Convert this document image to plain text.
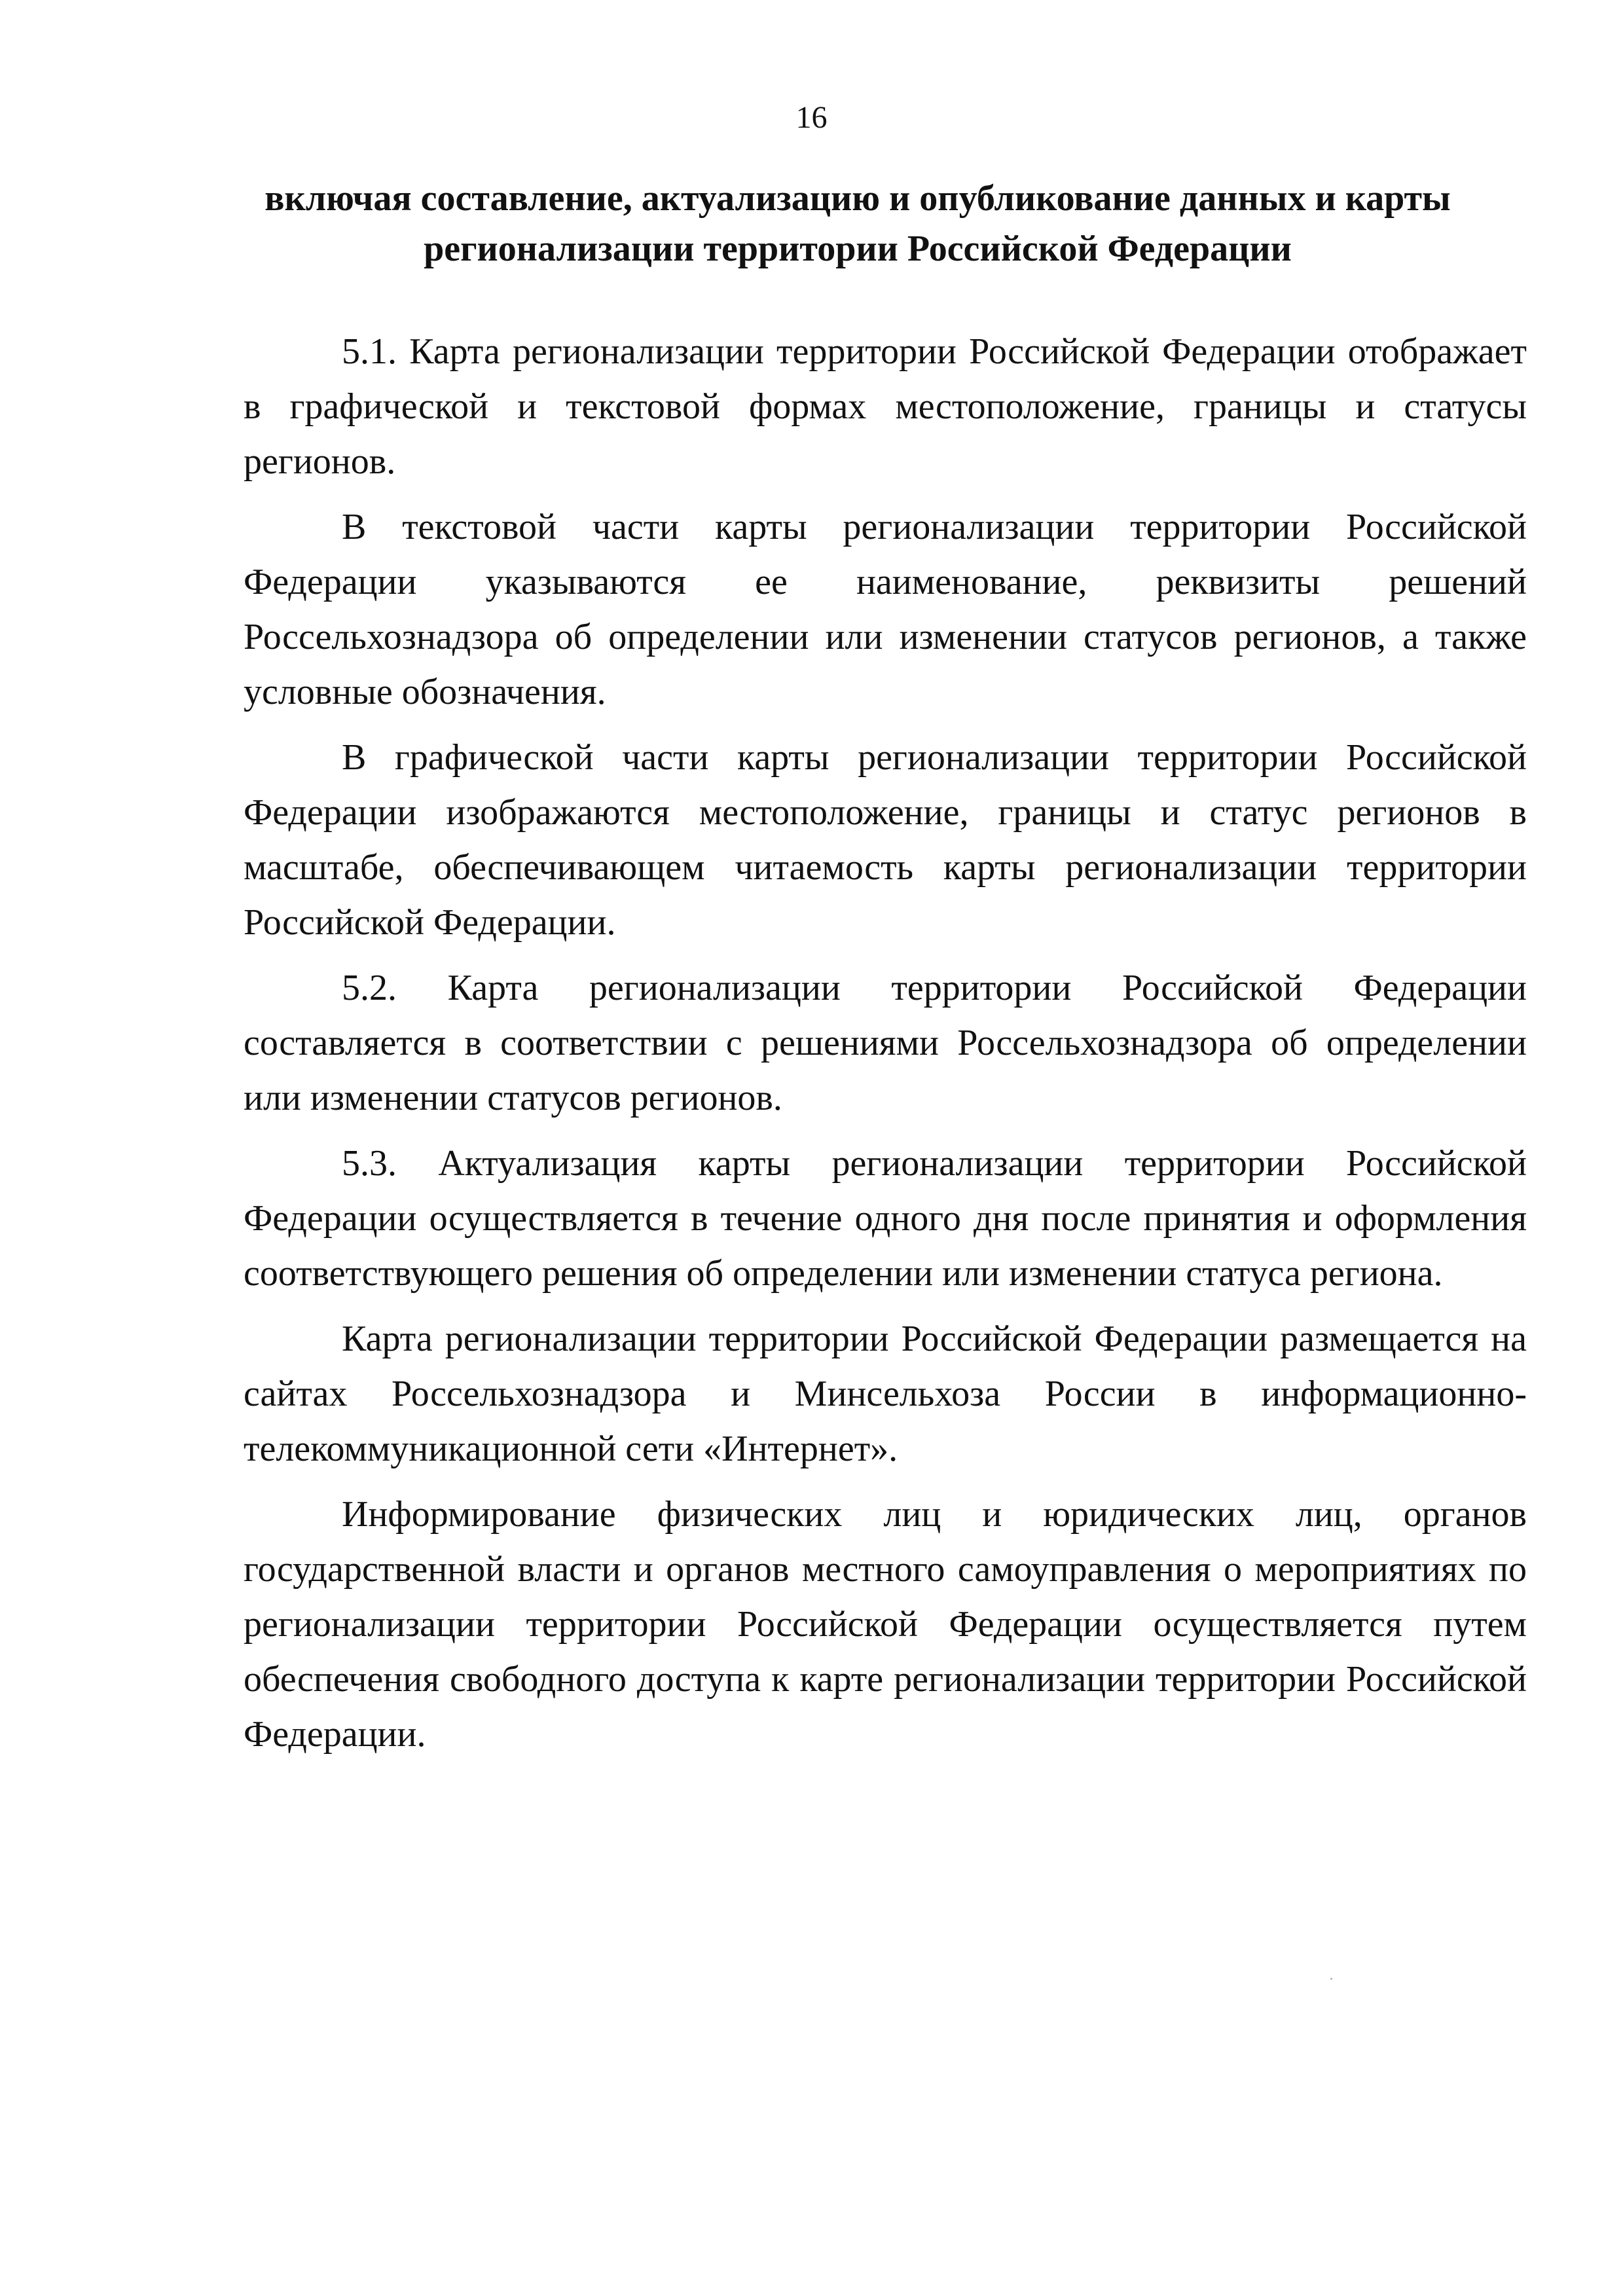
16
включая составление, актуализацию и опубликование данных и карты регионализации территории Российской Федерации

5.1. Карта регионализации территории Российской Федерации отображает в графической и текстовой формах местоположение, границы и статусы регионов.

В текстовой части карты регионализации территории Российской Федерации указываются ее наименование, реквизиты решений Россельхознадзора об определении или изменении статусов регионов, а также условные обозначения.

В графической части карты регионализации территории Российской Федерации изображаются местоположение, границы и статус регионов в масштабе, обеспечивающем читаемость карты регионализации территории Российской Федерации.

5.2. Карта регионализации территории Российской Федерации составляется в соответствии с решениями Россельхознадзора об определении или изменении статусов регионов.

5.3. Актуализация карты регионализации территории Российской Федерации осуществляется в течение одного дня после принятия и оформления соответствующего решения об определении или изменении статуса региона.

Карта регионализации территории Российской Федерации размещается на сайтах Россельхознадзора и Минсельхоза России в информационно-телекоммуникационной сети «Интернет».

Информирование физических лиц и юридических лиц, органов государственной власти и органов местного самоуправления о мероприятиях по регионализации территории Российской Федерации осуществляется путем обеспечения свободного доступа к карте регионализации территории Российской Федерации.
